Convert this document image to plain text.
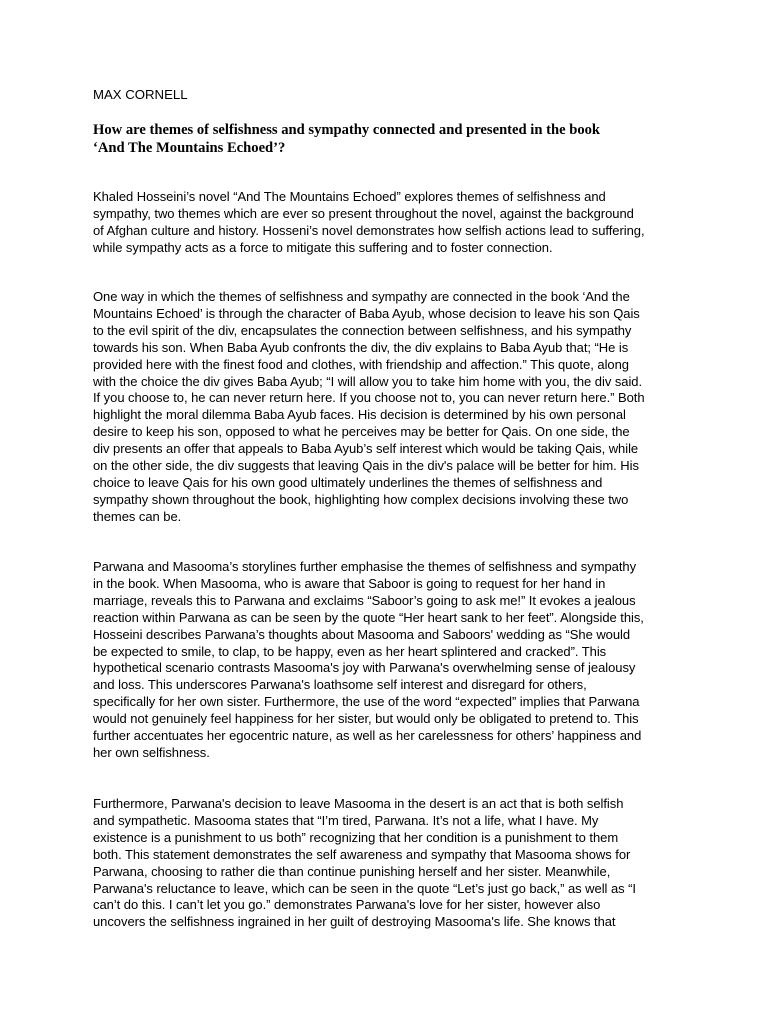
MAX CORNELL
How are themes of selfishness and sympathy connected and presented in the book
‘And The Mountains Echoed’?
Khaled Hosseini’s novel “And The Mountains Echoed” explores themes of selfishness and
sympathy, two themes which are ever so present throughout the novel, against the background
of Afghan culture and history. Hosseni’s novel demonstrates how selfish actions lead to suffering,
while sympathy acts as a force to mitigate this suffering and to foster connection.
One way in which the themes of selfishness and sympathy are connected in the book ‘And the
Mountains Echoed’ is through the character of Baba Ayub, whose decision to leave his son Qais
to the evil spirit of the div, encapsulates the connection between selfishness, and his sympathy
towards his son. When Baba Ayub confronts the div, the div explains to Baba Ayub that; “He is
provided here with the finest food and clothes, with friendship and affection.” This quote, along
with the choice the div gives Baba Ayub; “I will allow you to take him home with you, the div said.
If you choose to, he can never return here. If you choose not to, you can never return here.” Both
highlight the moral dilemma Baba Ayub faces. His decision is determined by his own personal
desire to keep his son, opposed to what he perceives may be better for Qais. On one side, the
div presents an offer that appeals to Baba Ayub’s self interest which would be taking Qais, while
on the other side, the div suggests that leaving Qais in the div's palace will be better for him. His
choice to leave Qais for his own good ultimately underlines the themes of selfishness and
sympathy shown throughout the book, highlighting how complex decisions involving these two
themes can be.
Parwana and Masooma’s storylines further emphasise the themes of selfishness and sympathy
in the book. When Masooma, who is aware that Saboor is going to request for her hand in
marriage, reveals this to Parwana and exclaims “Saboor’s going to ask me!” It evokes a jealous
reaction within Parwana as can be seen by the quote “Her heart sank to her feet”. Alongside this,
Hosseini describes Parwana’s thoughts about Masooma and Saboors' wedding as “She would
be expected to smile, to clap, to be happy, even as her heart splintered and cracked”. This
hypothetical scenario contrasts Masooma's joy with Parwana's overwhelming sense of jealousy
and loss. This underscores Parwana's loathsome self interest and disregard for others,
specifically for her own sister. Furthermore, the use of the word “expected” implies that Parwana
would not genuinely feel happiness for her sister, but would only be obligated to pretend to. This
further accentuates her egocentric nature, as well as her carelessness for others’ happiness and
her own selfishness.
Furthermore, Parwana's decision to leave Masooma in the desert is an act that is both selfish
and sympathetic. Masooma states that “I’m tired, Parwana. It’s not a life, what I have. My
existence is a punishment to us both” recognizing that her condition is a punishment to them
both. This statement demonstrates the self awareness and sympathy that Masooma shows for
Parwana, choosing to rather die than continue punishing herself and her sister. Meanwhile,
Parwana's reluctance to leave, which can be seen in the quote “Let’s just go back,” as well as “I
can’t do this. I can’t let you go.” demonstrates Parwana's love for her sister, however also
uncovers the selfishness ingrained in her guilt of destroying Masooma's life. She knows that
